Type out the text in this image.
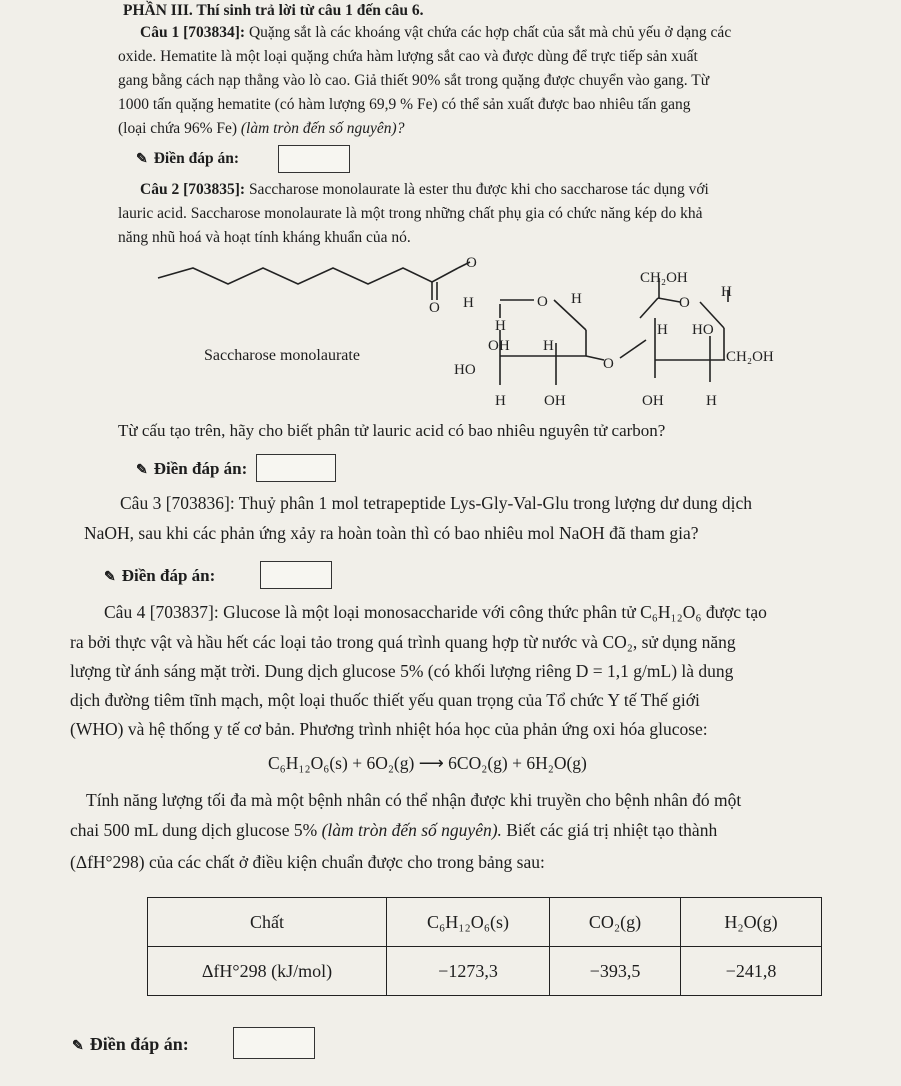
PHẦN III. Thí sinh trả lời từ câu 1 đến câu 6.
Câu 1 [703834]: Quặng sắt là các khoáng vật chứa các hợp chất của sắt mà chủ yếu ở dạng các
oxide. Hematite là một loại quặng chứa hàm lượng sắt cao và được dùng để trực tiếp sản xuất
gang bằng cách nạp thẳng vào lò cao. Giả thiết 90% sắt trong quặng được chuyển vào gang. Từ
1000 tấn quặng hematite (có hàm lượng 69,9 % Fe) có thể sản xuất được bao nhiêu tấn gang
(loại chứa 96% Fe) (làm tròn đến số nguyên)?
✎ Điền đáp án:
Câu 2 [703835]: Saccharose monolaurate là ester thu được khi cho saccharose tác dụng với
lauric acid. Saccharose monolaurate là một trong những chất phụ gia có chức năng kép do khả
năng nhũ hoá và hoạt tính kháng khuẩn của nó.
Saccharose monolaurate
O
O H	O H
H
OH H
HO
H	OH
O
CH₂OH
H
O
H HO
CH₂OH
OH	H
Từ cấu tạo trên, hãy cho biết phân tử lauric acid có bao nhiêu nguyên tử carbon?
✎ Điền đáp án:
Câu 3 [703836]: Thuỷ phân 1 mol tetrapeptide Lys-Gly-Val-Glu trong lượng dư dung dịch
NaOH, sau khi các phản ứng xảy ra hoàn toàn thì có bao nhiêu mol NaOH đã tham gia?
✎ Điền đáp án:
Câu 4 [703837]: Glucose là một loại monosaccharide với công thức phân tử C₆H₁₂O₆ được tạo
ra bởi thực vật và hầu hết các loại tảo trong quá trình quang hợp từ nước và CO₂, sử dụng năng
lượng từ ánh sáng mặt trời. Dung dịch glucose 5% (có khối lượng riêng D = 1,1 g/mL) là dung
dịch đường tiêm tĩnh mạch, một loại thuốc thiết yếu quan trọng của Tổ chức Y tế Thế giới
(WHO) và hệ thống y tế cơ bản. Phương trình nhiệt hóa học của phản ứng oxi hóa glucose:
C₆H₁₂O₆(s) + 6O₂(g) ⟶ 6CO₂(g) + 6H₂O(g)
Tính năng lượng tối đa mà một bệnh nhân có thể nhận được khi truyền cho bệnh nhân đó một
chai 500 mL dung dịch glucose 5% (làm tròn đến số nguyên). Biết các giá trị nhiệt tạo thành
(ΔfH°298) của các chất ở điều kiện chuẩn được cho trong bảng sau:
Chất	C₆H₁₂O₆(s)	CO₂(g)	H₂O(g)
ΔfH°298 (kJ/mol)	−1273,3	−393,5	−241,8
✎ Điền đáp án:
